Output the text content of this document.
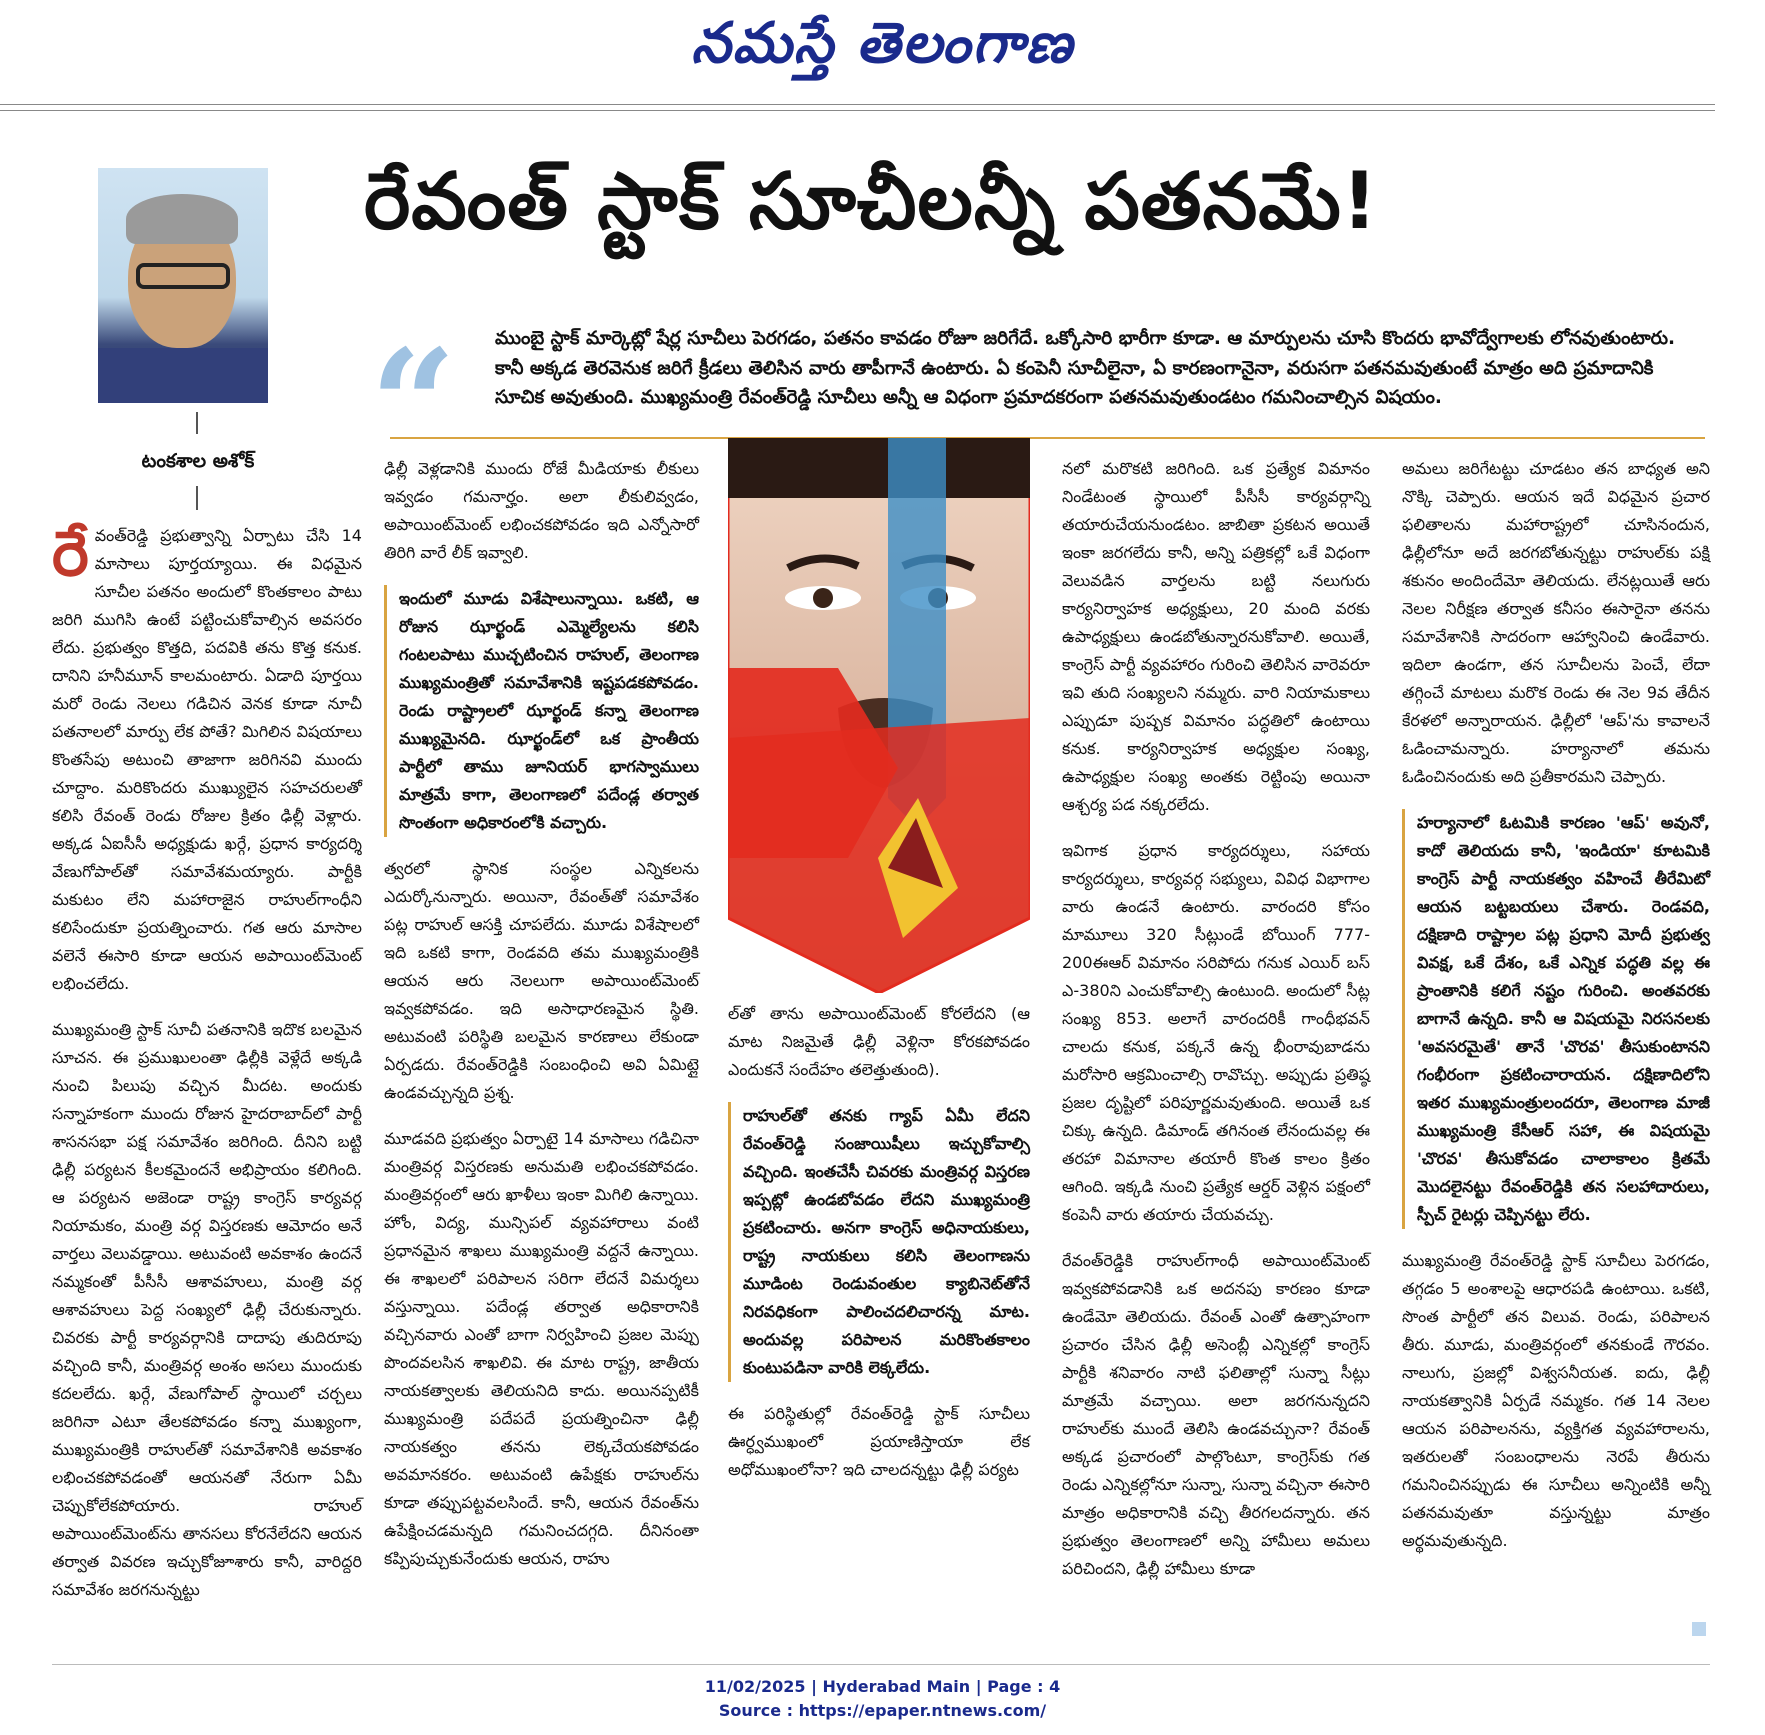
నమస్తే తెలంగాణ
టంకశాల అశోక్
రేవంత్ స్టాక్ సూచీలన్నీ పతనమే!
“ ముంబై స్టాక్ మార్కెట్లో షేర్ల సూచీలు పెరగడం, పతనం కావడం రోజూ జరిగేదే. ఒక్కోసారి భారీగా కూడా. ఆ మార్పులను చూసి కొందరు భావోద్వేగాలకు లోనవుతుంటారు. కానీ అక్కడ తెరవెనుక జరిగే క్రీడలు తెలిసిన వారు తాపీగానే ఉంటారు. ఏ కంపెనీ సూచీలైనా, ఏ కారణంగానైనా, వరుసగా పతనమవుతుంటే మాత్రం అది ప్రమాదానికి సూచిక అవుతుంది. ముఖ్యమంత్రి రేవంత్‌రెడ్డి సూచీలు అన్నీ ఆ విధంగా ప్రమాదకరంగా పతనమవుతుండటం గమనించాల్సిన విషయం.

రేవంత్‌రెడ్డి ప్రభుత్వాన్ని ఏర్పాటు చేసి 14 మాసాలు పూర్తయ్యాయి. ఈ విధమైన సూచీల పతనం అందులో కొంతకాలం పాటు జరిగి ముగిసి ఉంటే పట్టించుకోవాల్సిన అవసరం లేదు. ప్రభుత్వం కొత్తది, పదవికి తను కొత్త కనుక. దానిని హనీమూన్ కాలమంటారు. ఏడాది పూర్తయి మరో రెండు నెలలు గడిచిన వెనక కూడా నూచీ పతనాలలో మార్పు లేక పోతే? మిగిలిన విషయాలు కొంతసేపు అటుంచి తాజాగా జరిగినవి ముందు చూద్దాం. మరికొందరు ముఖ్యులైన సహచరులతో కలిసి రేవంత్ రెండు రోజుల క్రితం ఢిల్లీ వెళ్లారు. అక్కడ ఏఐసీసీ అధ్యక్షుడు ఖర్గే, ప్రధాన కార్యదర్శి వేణుగోపాల్‌తో సమావేశమయ్యారు. పార్టీకి మకుటం లేని మహారాజైన రాహుల్‌గాంధీని కలిసేందుకూ ప్రయత్నించారు. గత ఆరు మాసాల వలెనే ఈసారి కూడా ఆయన అపాయింట్‌మెంట్ లభించలేదు.

ముఖ్యమంత్రి స్టాక్ సూచీ పతనానికి ఇదొక బలమైన సూచన. ఈ ప్రముఖులంతా ఢిల్లీకి వెళ్లేదే అక్కడి నుంచి పిలుపు వచ్చిన మీదట. అందుకు సన్నాహకంగా ముందు రోజున హైదరాబాద్‌లో పార్టీ శాసనసభా పక్ష సమావేశం జరిగింది. దీనిని బట్టి ఢిల్లీ పర్యటన కీలకమైందనే అభిప్రాయం కలిగింది. ఆ పర్యటన అజెండా రాష్ట్ర కాంగ్రెస్ కార్యవర్గ నియామకం, మంత్రి వర్గ విస్తరణకు ఆమోదం అనే వార్తలు వెలువడ్డాయి. అటువంటి అవకాశం ఉందనే నమ్మకంతో పీసీసీ ఆశావహులు, మంత్రి వర్గ ఆశావహులు పెద్ద సంఖ్యలో ఢిల్లీ చేరుకున్నారు. చివరకు పార్టీ కార్యవర్గానికి దాదాపు తుదిరూపు వచ్చింది కానీ, మంత్రివర్గ అంశం అసలు ముందుకు కదలలేదు. ఖర్గే, వేణుగోపాల్ స్థాయిలో చర్చలు జరిగినా ఎటూ తేలకపోవడం కన్నా ముఖ్యంగా, ముఖ్యమంత్రికి రాహుల్‌తో సమావేశానికి అవకాశం లభించకపోవడంతో ఆయనతో నేరుగా ఏమీ చెప్పుకోలేకపోయారు. రాహుల్ అపాయింట్‌మెంట్‌ను తానసలు కోరనేలేదని ఆయన తర్వాత వివరణ ఇచ్చుకోజూశారు కానీ, వారిద్దరి సమావేశం జరగనున్నట్టు

ఢిల్లీ వెళ్లడానికి ముందు రోజే మీడియాకు లీకులు ఇవ్వడం గమనార్హం. అలా లీకులివ్వడం, అపాయింట్‌మెంట్ లభించకపోవడం ఇది ఎన్నోసారో తిరిగి వారే లీక్ ఇవ్వాలి.

ఇందులో మూడు విశేషాలున్నాయి. ఒకటి, ఆ రోజున ఝార్ఖండ్ ఎమ్మెల్యేలను కలిసి గంటలపాటు ముచ్చటించిన రాహుల్, తెలంగాణ ముఖ్యమంత్రితో సమావేశానికి ఇష్టపడకపోవడం. రెండు రాష్ట్రాలలో ఝార్ఖండ్ కన్నా తెలంగాణ ముఖ్యమైనది. ఝార్ఖండ్‌లో ఒక ప్రాంతీయ పార్టీలో తాము జూనియర్ భాగస్వాములు మాత్రమే కాగా, తెలంగాణలో పదేండ్ల తర్వాత సొంతంగా అధికారంలోకి వచ్చారు.

త్వరలో స్థానిక సంస్థల ఎన్నికలను ఎదుర్కోనున్నారు. అయినా, రేవంత్‌తో సమావేశం పట్ల రాహుల్ ఆసక్తి చూపలేదు. మూడు విశేషాలలో ఇది ఒకటి కాగా, రెండవది తమ ముఖ్యమంత్రికి ఆయన ఆరు నెలలుగా అపాయింట్‌మెంట్ ఇవ్వకపోవడం. ఇది అసాధారణమైన స్థితి. అటువంటి పరిస్థితి బలమైన కారణాలు లేకుండా ఏర్పడదు. రేవంత్‌రెడ్డికి సంబంధించి అవి ఏమిట్లై ఉండవచ్చున్నది ప్రశ్న.

మూడవది ప్రభుత్వం ఏర్పాటై 14 మాసాలు గడిచినా మంత్రివర్గ విస్తరణకు అనుమతి లభించకపోవడం. మంత్రివర్గంలో ఆరు ఖాళీలు ఇంకా మిగిలి ఉన్నాయి. హోం, విద్య, మున్సిపల్ వ్యవహారాలు వంటి ప్రధానమైన శాఖలు ముఖ్యమంత్రి వద్దనే ఉన్నాయి. ఈ శాఖలలో పరిపాలన సరిగా లేదనే విమర్శలు వస్తున్నాయి. పదేండ్ల తర్వాత అధికారానికి వచ్చినవారు ఎంతో బాగా నిర్వహించి ప్రజల మెప్పు పొందవలసిన శాఖలివి. ఈ మాట రాష్ట్ర, జాతీయ నాయకత్వాలకు తెలియనిది కాదు. అయినప్పటికీ ముఖ్యమంత్రి పదేపదే ప్రయత్నించినా ఢిల్లీ నాయకత్వం తనను లెక్కచేయకపోవడం అవమానకరం. అటువంటి ఉపేక్షకు రాహుల్‌ను కూడా తప్పుపట్టవలసిందే. కానీ, ఆయన రేవంత్‌ను ఉపేక్షించడమన్నది గమనించదగ్గది. దీనినంతా కప్పిపుచ్చుకునేందుకు ఆయన, రాహు

ల్‌తో తాను అపాయింట్‌మెంట్ కోరలేదని (ఆ మాట నిజమైతే ఢిల్లీ వెళ్లినా కోరకపోవడం ఎందుకనే సందేహం తలెత్తుతుంది).

రాహుల్‌తో తనకు గ్యాప్ ఏమీ లేదని రేవంత్‌రెడ్డి సంజాయిషీలు ఇచ్చుకోవాల్సి వచ్చింది. ఇంతచేసీ చివరకు మంత్రివర్గ విస్తరణ ఇప్పట్లో ఉండబోవడం లేదని ముఖ్యమంత్రి ప్రకటించారు. అనగా కాంగ్రెస్ అధినాయకులు, రాష్ట్ర నాయకులు కలిసి తెలంగాణను మూడింట రెండువంతుల క్యాబినెట్‌తోనే నిరవధికంగా పాలించదలిచారన్న మాట. అందువల్ల పరిపాలన మరికొంతకాలం కుంటుపడినా వారికి లెక్కలేదు.

ఈ పరిస్థితుల్లో రేవంత్‌రెడ్డి స్టాక్ సూచీలు ఊర్ధ్వముఖంలో ప్రయాణిస్తాయా లేక అధోముఖంలోనా? ఇది చాలదన్నట్టు ఢిల్లీ పర్యట

నలో మరొకటి జరిగింది. ఒక ప్రత్యేక విమానం నిండేటంత స్థాయిలో పీసీసీ కార్యవర్గాన్ని తయారుచేయనుండటం. జాబితా ప్రకటన అయితే ఇంకా జరగలేదు కానీ, అన్ని పత్రికల్లో ఒకే విధంగా వెలువడిన వార్తలను బట్టి నలుగురు కార్యనిర్వాహక అధ్యక్షులు, 20 మంది వరకు ఉపాధ్యక్షులు ఉండబోతున్నారనుకోవాలి. అయితే, కాంగ్రెస్ పార్టీ వ్యవహారం గురించి తెలిసిన వారెవరూ ఇవి తుది సంఖ్యలని నమ్మరు. వారి నియామకాలు ఎప్పుడూ పుష్పక విమానం పద్ధతిలో ఉంటాయి కనుక. కార్యనిర్వాహక అధ్యక్షుల సంఖ్య, ఉపాధ్యక్షుల సంఖ్య అంతకు రెట్టింపు అయినా ఆశ్చర్య పడ నక్కరలేదు.

ఇవిగాక ప్రధాన కార్యదర్శులు, సహాయ కార్యదర్శులు, కార్యవర్గ సభ్యులు, వివిధ విభాగాల వారు ఉండనే ఉంటారు. వారందరి కోసం మామూలు 320 సీట్లుండే బోయింగ్ 777-200ఈఆర్ విమానం సరిపోదు గనుక ఎయిర్ బస్ ఎ-380ని ఎంచుకోవాల్సి ఉంటుంది. అందులో సీట్ల సంఖ్య 853. అలాగే వారందరికీ గాంధీభవన్ చాలదు కనుక, పక్కనే ఉన్న భీంరావుబాడను మరోసారి ఆక్రమించాల్సి రావొచ్చు. అప్పుడు ప్రతిష్ఠ ప్రజల దృష్టిలో పరిపూర్ణమవుతుంది. అయితే ఒక చిక్కు ఉన్నది. డిమాండ్ తగినంత లేనందువల్ల ఈ తరహా విమానాల తయారీ కొంత కాలం క్రితం ఆగింది. ఇక్కడి నుంచి ప్రత్యేక ఆర్డర్ వెళ్లిన పక్షంలో కంపెనీ వారు తయారు చేయవచ్చు.

రేవంత్‌రెడ్డికి రాహుల్‌గాంధీ అపాయింట్‌మెంట్ ఇవ్వకపోవడానికి ఒక అదనపు కారణం కూడా ఉండేమో తెలియదు. రేవంత్ ఎంతో ఉత్సాహంగా ప్రచారం చేసిన ఢిల్లీ అసెంబ్లీ ఎన్నికల్లో కాంగ్రెస్ పార్టీకి శనివారం నాటి ఫలితాల్లో సున్నా సీట్లు మాత్రమే వచ్చాయి. అలా జరగనున్నదని రాహుల్‌కు ముందే తెలిసి ఉండవచ్చునా? రేవంత్ అక్కడ ప్రచారంలో పాల్గొంటూ, కాంగ్రెస్‌కు గత రెండు ఎన్నికల్లోనూ సున్నా, సున్నా వచ్చినా ఈసారి మాత్రం అధికారానికి వచ్చి తీరగలదన్నారు. తన ప్రభుత్వం తెలంగాణలో అన్ని హామీలు అమలు పరిచిందని, ఢిల్లీ హామీలు కూడా

అమలు జరిగేటట్టు చూడటం తన బాధ్యత అని నొక్కి చెప్పారు. ఆయన ఇదే విధమైన ప్రచార ఫలితాలను మహారాష్ట్రలో చూసినందున, ఢిల్లీలోనూ అదే జరగబోతున్నట్టు రాహుల్‌కు పక్షి శకునం అందిందేమో తెలియదు. లేనట్లయితే ఆరు నెలల నిరీక్షణ తర్వాత కనీసం ఈసారైనా తనను సమావేశానికి సాదరంగా ఆహ్వానించి ఉండేవారు. ఇదిలా ఉండగా, తన సూచీలను పెంచే, లేదా తగ్గించే మాటలు మరొక రెండు ఈ నెల 9వ తేదీన కేరళలో అన్నారాయన. ఢిల్లీలో 'ఆప్'ను కావాలనే ఓడించామన్నారు. హర్యానాలో తమను ఓడించినందుకు అది ప్రతీకారమని చెప్పారు.

హర్యానాలో ఓటమికి కారణం 'ఆప్' అవునో, కాదో తెలియదు కానీ, 'ఇండియా' కూటమికి కాంగ్రెస్ పార్టీ నాయకత్వం వహించే తీరేమిటో ఆయన బట్టబయలు చేశారు. రెండవది, దక్షిణాది రాష్ట్రాల పట్ల ప్రధాని మోదీ ప్రభుత్వ వివక్ష, ఒకే దేశం, ఒకే ఎన్నిక పద్ధతి వల్ల ఈ ప్రాంతానికి కలిగే నష్టం గురించి. అంతవరకు బాగానే ఉన్నది. కానీ ఆ విషయమై నిరసనలకు 'అవసరమైతే' తానే 'చొరవ' తీసుకుంటానని గంభీరంగా ప్రకటించారాయన. దక్షిణాదిలోని ఇతర ముఖ్యమంత్రులందరూ, తెలంగాణ మాజీ ముఖ్యమంత్రి కేసీఆర్ సహా, ఈ విషయమై 'చొరవ' తీసుకోవడం చాలాకాలం క్రితమే మొదలైనట్టు రేవంత్‌రెడ్డికి తన సలహాదారులు, స్పీచ్ రైటర్లు చెప్పినట్టు లేరు.

ముఖ్యమంత్రి రేవంత్‌రెడ్డి స్టాక్ సూచీలు పెరగడం, తగ్గడం 5 అంశాలపై ఆధారపడి ఉంటాయి. ఒకటి, సొంత పార్టీలో తన విలువ. రెండు, పరిపాలన తీరు. మూడు, మంత్రివర్గంలో తనకుండే గౌరవం. నాలుగు, ప్రజల్లో విశ్వసనీయత. ఐదు, ఢిల్లీ నాయకత్వానికి ఏర్పడే నమ్మకం. గత 14 నెలల ఆయన పరిపాలనను, వ్యక్తిగత వ్యవహారాలను, ఇతరులతో సంబంధాలను నెరపే తీరును గమనించినప్పుడు ఈ సూచీలు అన్నింటికి అన్నీ పతనమవుతూ వస్తున్నట్టు మాత్రం అర్థమవుతున్నది.

11/02/2025 | Hyderabad Main | Page : 4
Source : https://epaper.ntnews.com/
